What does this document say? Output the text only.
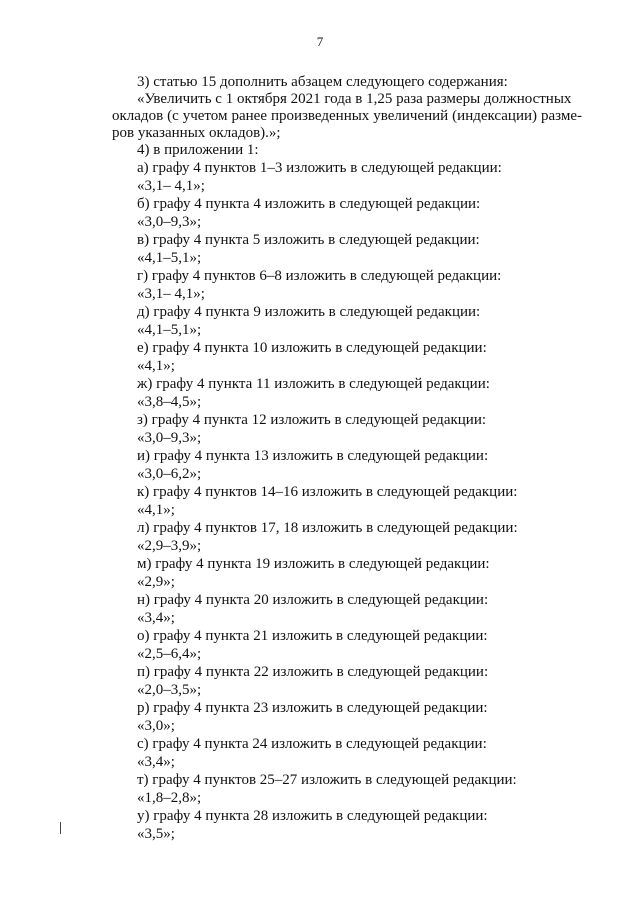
7
3) статью 15 дополнить абзацем следующего содержания:
«Увеличить с 1 октября 2021 года в 1,25 раза размеры должностных
окладов (с учетом ранее произведенных увеличений (индексации) разме-
ров указанных окладов).»;
4) в приложении 1:
а) графу 4 пунктов 1–3 изложить в следующей редакции:
«3,1– 4,1»;
б) графу 4 пункта 4 изложить в следующей редакции:
«3,0–9,3»;
в) графу 4 пункта 5 изложить в следующей редакции:
«4,1–5,1»;
г) графу 4 пунктов 6–8 изложить в следующей редакции:
«3,1– 4,1»;
д) графу 4 пункта 9 изложить в следующей редакции:
«4,1–5,1»;
е) графу 4 пункта 10 изложить в следующей редакции:
«4,1»;
ж) графу 4 пункта 11 изложить в следующей редакции:
«3,8–4,5»;
з) графу 4 пункта 12 изложить в следующей редакции:
«3,0–9,3»;
и) графу 4 пункта 13 изложить в следующей редакции:
«3,0–6,2»;
к) графу 4 пунктов 14–16 изложить в следующей редакции:
«4,1»;
л) графу 4 пунктов 17, 18 изложить в следующей редакции:
«2,9–3,9»;
м) графу 4 пункта 19 изложить в следующей редакции:
«2,9»;
н) графу 4 пункта 20 изложить в следующей редакции:
«3,4»;
о) графу 4 пункта 21 изложить в следующей редакции:
«2,5–6,4»;
п) графу 4 пункта 22 изложить в следующей редакции:
«2,0–3,5»;
р) графу 4 пункта 23 изложить в следующей редакции:
«3,0»;
с) графу 4 пункта 24 изложить в следующей редакции:
«3,4»;
т) графу 4 пунктов 25–27 изложить в следующей редакции:
«1,8–2,8»;
у) графу 4 пункта 28 изложить в следующей редакции:
«3,5»;
